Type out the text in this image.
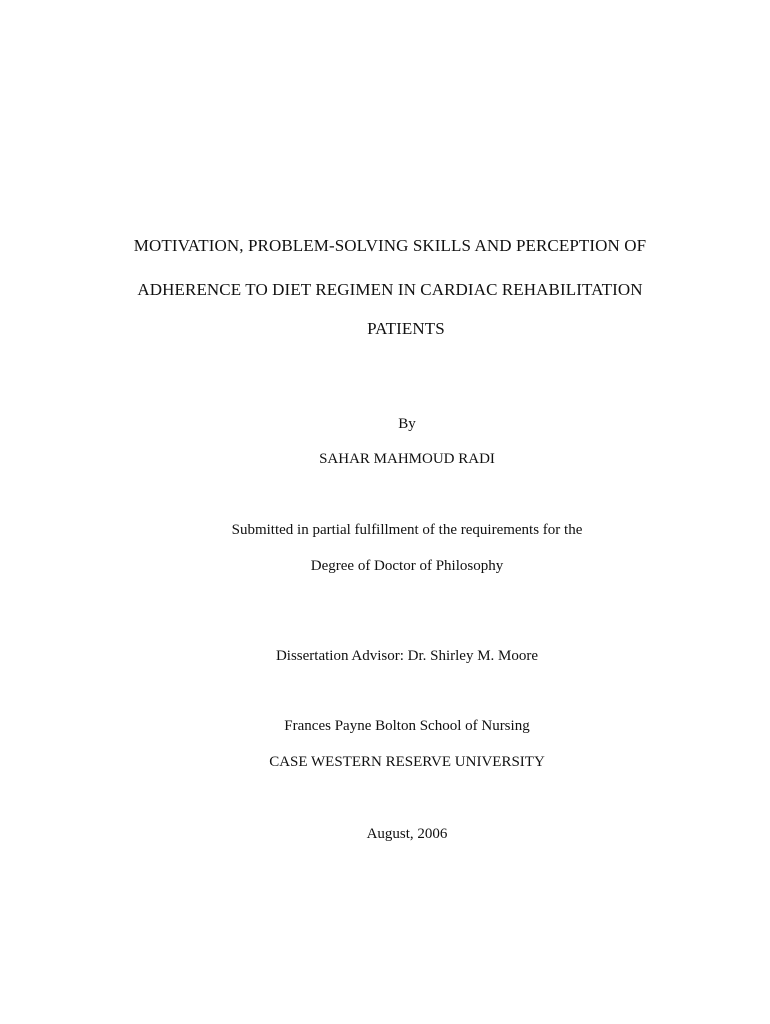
MOTIVATION, PROBLEM-SOLVING SKILLS AND PERCEPTION OF
ADHERENCE TO DIET REGIMEN IN CARDIAC REHABILITATION
PATIENTS
By
SAHAR MAHMOUD RADI
Submitted in partial fulfillment of the requirements for the
Degree of Doctor of Philosophy
Dissertation Advisor: Dr. Shirley M. Moore
Frances Payne Bolton School of Nursing
CASE WESTERN RESERVE UNIVERSITY
August, 2006
